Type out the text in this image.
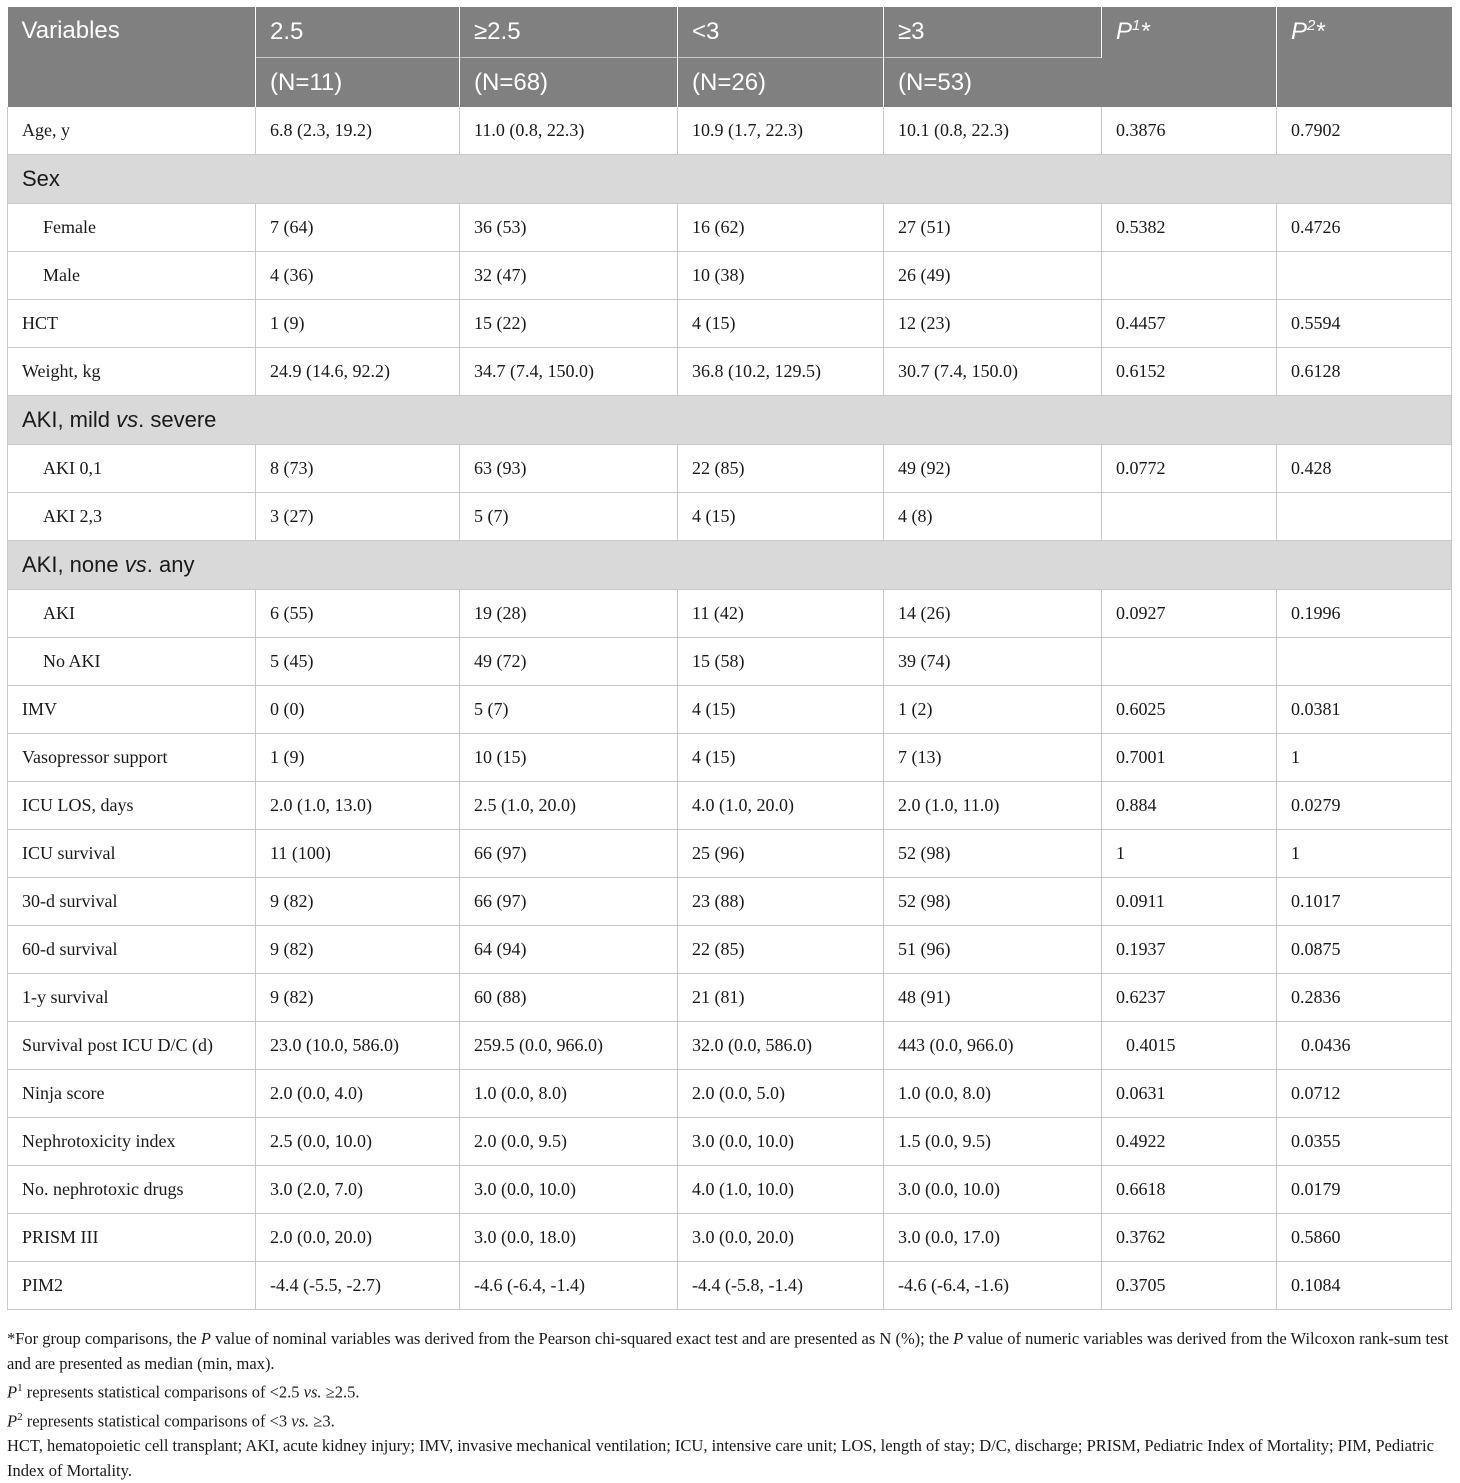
Variables	2.5	≥2.5	<3	≥3	$P^1*$	$P^2*$
	(N=11)	(N=68)	(N=26)	(N=53)		
Age, y	6.8 (2.3, 19.2)	11.0 (0.8, 22.3)	10.9 (1.7, 22.3)	10.1 (0.8, 22.3)	0.3876	0.7902
Sex						
Female	7 (64)	36 (53)	16 (62)	27 (51)	0.5382	0.4726
Male	4 (36)	32 (47)	10 (38)	26 (49)		
HCT	1 (9)	15 (22)	4 (15)	12 (23)	0.4457	0.5594
Weight, kg	24.9 (14.6, 92.2)	34.7 (7.4, 150.0)	36.8 (10.2, 129.5)	30.7 (7.4, 150.0)	0.6152	0.6128
AKI, mild vs. severe						
AKI 0,1	8 (73)	63 (93)	22 (85)	49 (92)	0.0772	0.428
AKI 2,3	3 (27)	5 (7)	4 (15)	4 (8)		
AKI, none vs. any						
AKI	6 (55)	19 (28)	11 (42)	14 (26)	0.0927	0.1996
No AKI	5 (45)	49 (72)	15 (58)	39 (74)		
IMV	0 (0)	5 (7)	4 (15)	1 (2)	0.6025	0.0381
Vasopressor support	1 (9)	10 (15)	4 (15)	7 (13)	0.7001	1
ICU LOS, days	2.0 (1.0, 13.0)	2.5 (1.0, 20.0)	4.0 (1.0, 20.0)	2.0 (1.0, 11.0)	0.884	0.0279
ICU survival	11 (100)	66 (97)	25 (96)	52 (98)	1	1
30-d survival	9 (82)	66 (97)	23 (88)	52 (98)	0.0911	0.1017
60-d survival	9 (82)	64 (94)	22 (85)	51 (96)	0.1937	0.0875
1-y survival	9 (82)	60 (88)	21 (81)	48 (91)	0.6237	0.2836
Survival post ICU D/C (d)	23.0 (10.0, 586.0)	259.5 (0.0, 966.0)	32.0 (0.0, 586.0)	443 (0.0, 966.0)	0.4015	0.0436
Ninja score	2.0 (0.0, 4.0)	1.0 (0.0, 8.0)	2.0 (0.0, 5.0)	1.0 (0.0, 8.0)	0.0631	0.0712
Nephrotoxicity index	2.5 (0.0, 10.0)	2.0 (0.0, 9.5)	3.0 (0.0, 10.0)	1.5 (0.0, 9.5)	0.4922	0.0355
No. nephrotoxic drugs	3.0 (2.0, 7.0)	3.0 (0.0, 10.0)	4.0 (1.0, 10.0)	3.0 (0.0, 10.0)	0.6618	0.0179
PRISM III	2.0 (0.0, 20.0)	3.0 (0.0, 18.0)	3.0 (0.0, 20.0)	3.0 (0.0, 17.0)	0.3762	0.5860
PIM2	-4.4 (-5.5, -2.7)	-4.6 (-6.4, -1.4)	-4.4 (-5.8, -1.4)	-4.6 (-6.4, -1.6)	0.3705	0.1084

*For group comparisons, the P value of nominal variables was derived from the Pearson chi-squared exact test and are presented as N (%); the P value of numeric variables was derived from the Wilcoxon rank-sum test and are presented as median (min, max).

$P^1$ represents statistical comparisons of <2.5 vs. ≥2.5.

$P^2$ represents statistical comparisons of <3 vs. ≥3.

HCT, hematopoietic cell transplant; AKI, acute kidney injury; IMV, invasive mechanical ventilation; ICU, intensive care unit; LOS, length of stay; D/C, discharge; PRISM, Pediatric Index of Mortality; PIM, Pediatric Index of Mortality.
